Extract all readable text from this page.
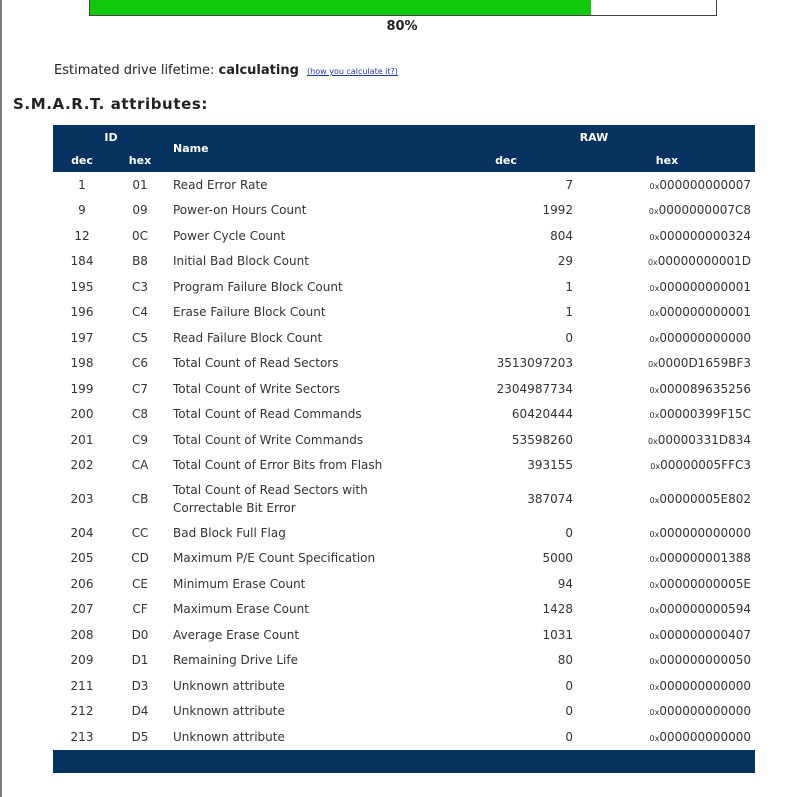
80%
Estimated drive lifetime: calculating (how you calculate it?)
S.M.A.R.T. attributes:
ID		Name	RAW	
dec	hex		dec	hex
1	01	Read Error Rate	7	0x000000000007
9	09	Power-on Hours Count	1992	0x0000000007C8
12	0C	Power Cycle Count	804	0x000000000324
184	B8	Initial Bad Block Count	29	0x00000000001D
195	C3	Program Failure Block Count	1	0x000000000001
196	C4	Erase Failure Block Count	1	0x000000000001
197	C5	Read Failure Block Count	0	0x000000000000
198	C6	Total Count of Read Sectors	3513097203	0x0000D1659BF3
199	C7	Total Count of Write Sectors	2304987734	0x000089635256
200	C8	Total Count of Read Commands	60420444	0x00000399F15C
201	C9	Total Count of Write Commands	53598260	0x00000331D834
202	CA	Total Count of Error Bits from Flash	393155	0x00000005FFC3
203	CB	Total Count of Read Sectors with Correctable Bit Error	387074	0x00000005E802
204	CC	Bad Block Full Flag	0	0x000000000000
205	CD	Maximum P/E Count Specification	5000	0x000000001388
206	CE	Minimum Erase Count	94	0x00000000005E
207	CF	Maximum Erase Count	1428	0x000000000594
208	D0	Average Erase Count	1031	0x000000000407
209	D1	Remaining Drive Life	80	0x000000000050
211	D3	Unknown attribute	0	0x000000000000
212	D4	Unknown attribute	0	0x000000000000
213	D5	Unknown attribute	0	0x000000000000
